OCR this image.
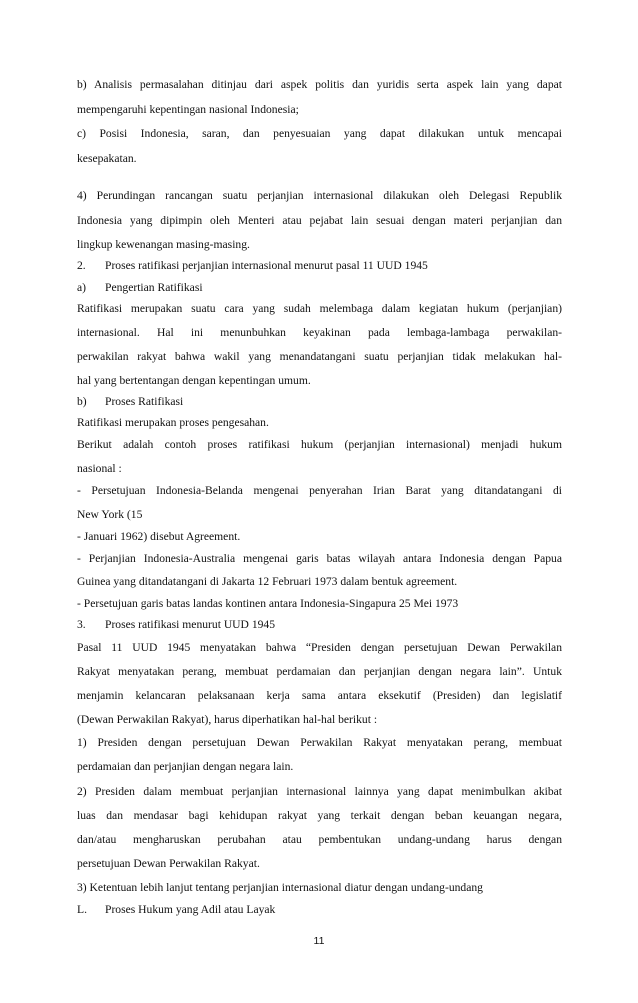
b) Analisis permasalahan ditinjau dari aspek politis dan yuridis serta aspek lain yang dapat
mempengaruhi kepentingan nasional Indonesia;
c) Posisi Indonesia, saran, dan penyesuaian yang dapat dilakukan untuk mencapai
kesepakatan.
4) Perundingan rancangan suatu perjanjian internasional dilakukan oleh Delegasi Republik
Indonesia yang dipimpin oleh Menteri atau pejabat lain sesuai dengan materi perjanjian dan
lingkup kewenangan masing-masing.
2. Proses ratifikasi perjanjian internasional menurut pasal 11 UUD 1945
a) Pengertian Ratifikasi
Ratifikasi merupakan suatu cara yang sudah melembaga dalam kegiatan hukum (perjanjian)
internasional. Hal ini menunbuhkan keyakinan pada lembaga-lambaga perwakilan-
perwakilan rakyat bahwa wakil yang menandatangani suatu perjanjian tidak melakukan hal-
hal yang bertentangan dengan kepentingan umum.
b) Proses Ratifikasi
Ratifikasi merupakan proses pengesahan.
Berikut adalah contoh proses ratifikasi hukum (perjanjian internasional) menjadi hukum
nasional :
- Persetujuan Indonesia-Belanda mengenai penyerahan Irian Barat yang ditandatangani di
New York (15
- Januari 1962) disebut Agreement.
- Perjanjian Indonesia-Australia mengenai garis batas wilayah antara Indonesia dengan Papua
Guinea yang ditandatangani di Jakarta 12 Februari 1973 dalam bentuk agreement.
- Persetujuan garis batas landas kontinen antara Indonesia-Singapura 25 Mei 1973
3. Proses ratifikasi menurut UUD 1945
Pasal 11 UUD 1945 menyatakan bahwa “Presiden dengan persetujuan Dewan Perwakilan
Rakyat menyatakan perang, membuat perdamaian dan perjanjian dengan negara lain”. Untuk
menjamin kelancaran pelaksanaan kerja sama antara eksekutif (Presiden) dan legislatif
(Dewan Perwakilan Rakyat), harus diperhatikan hal-hal berikut :
1) Presiden dengan persetujuan Dewan Perwakilan Rakyat menyatakan perang, membuat
perdamaian dan perjanjian dengan negara lain.
2) Presiden dalam membuat perjanjian internasional lainnya yang dapat menimbulkan akibat
luas dan mendasar bagi kehidupan rakyat yang terkait dengan beban keuangan negara,
dan/atau mengharuskan perubahan atau pembentukan undang-undang harus dengan
persetujuan Dewan Perwakilan Rakyat.
3) Ketentuan lebih lanjut tentang perjanjian internasional diatur dengan undang-undang
L. Proses Hukum yang Adil atau Layak
11
